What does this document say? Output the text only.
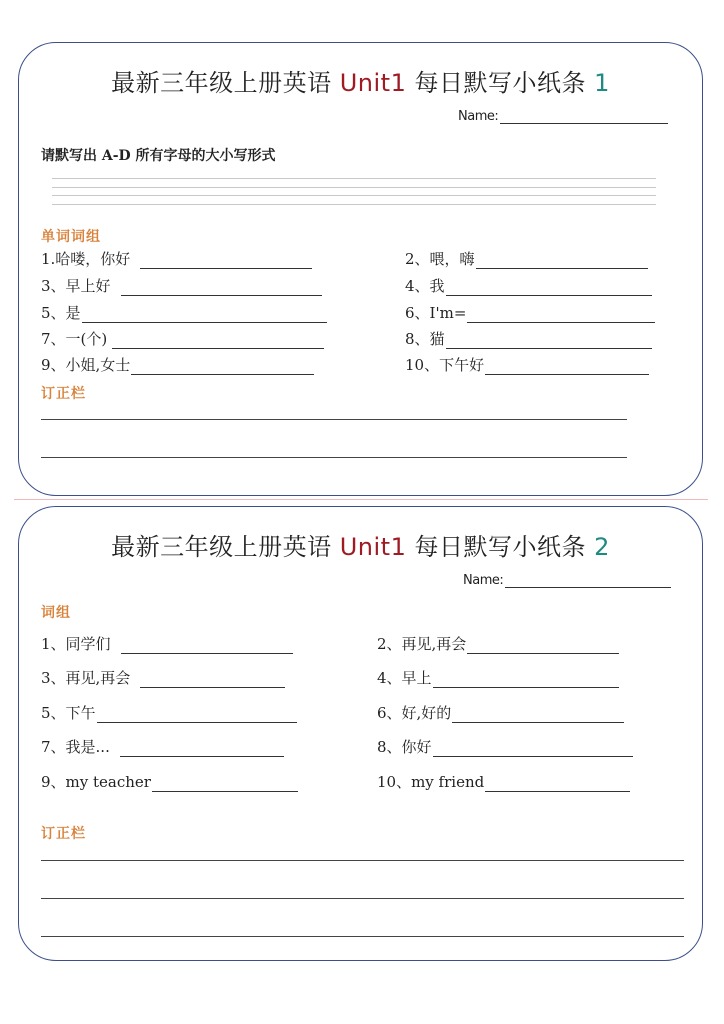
最新三年级上册英语 Unit1 每日默写小纸条 1
Name:
请默写出 A-D 所有字母的大小写形式
单词词组
1.哈喽，你好
3、早上好
5、是
7、一(个)
9、小姐,女士
2、喂，嗨
4、我
6、I'm=
8、猫
10、下午好
订正栏
最新三年级上册英语 Unit1 每日默写小纸条 2
Name:
词组
1、同学们
3、再见,再会
5、下午
7、我是...
9、my teacher
2、再见,再会
4、早上
6、好,好的
8、你好
10、my friend
订正栏
